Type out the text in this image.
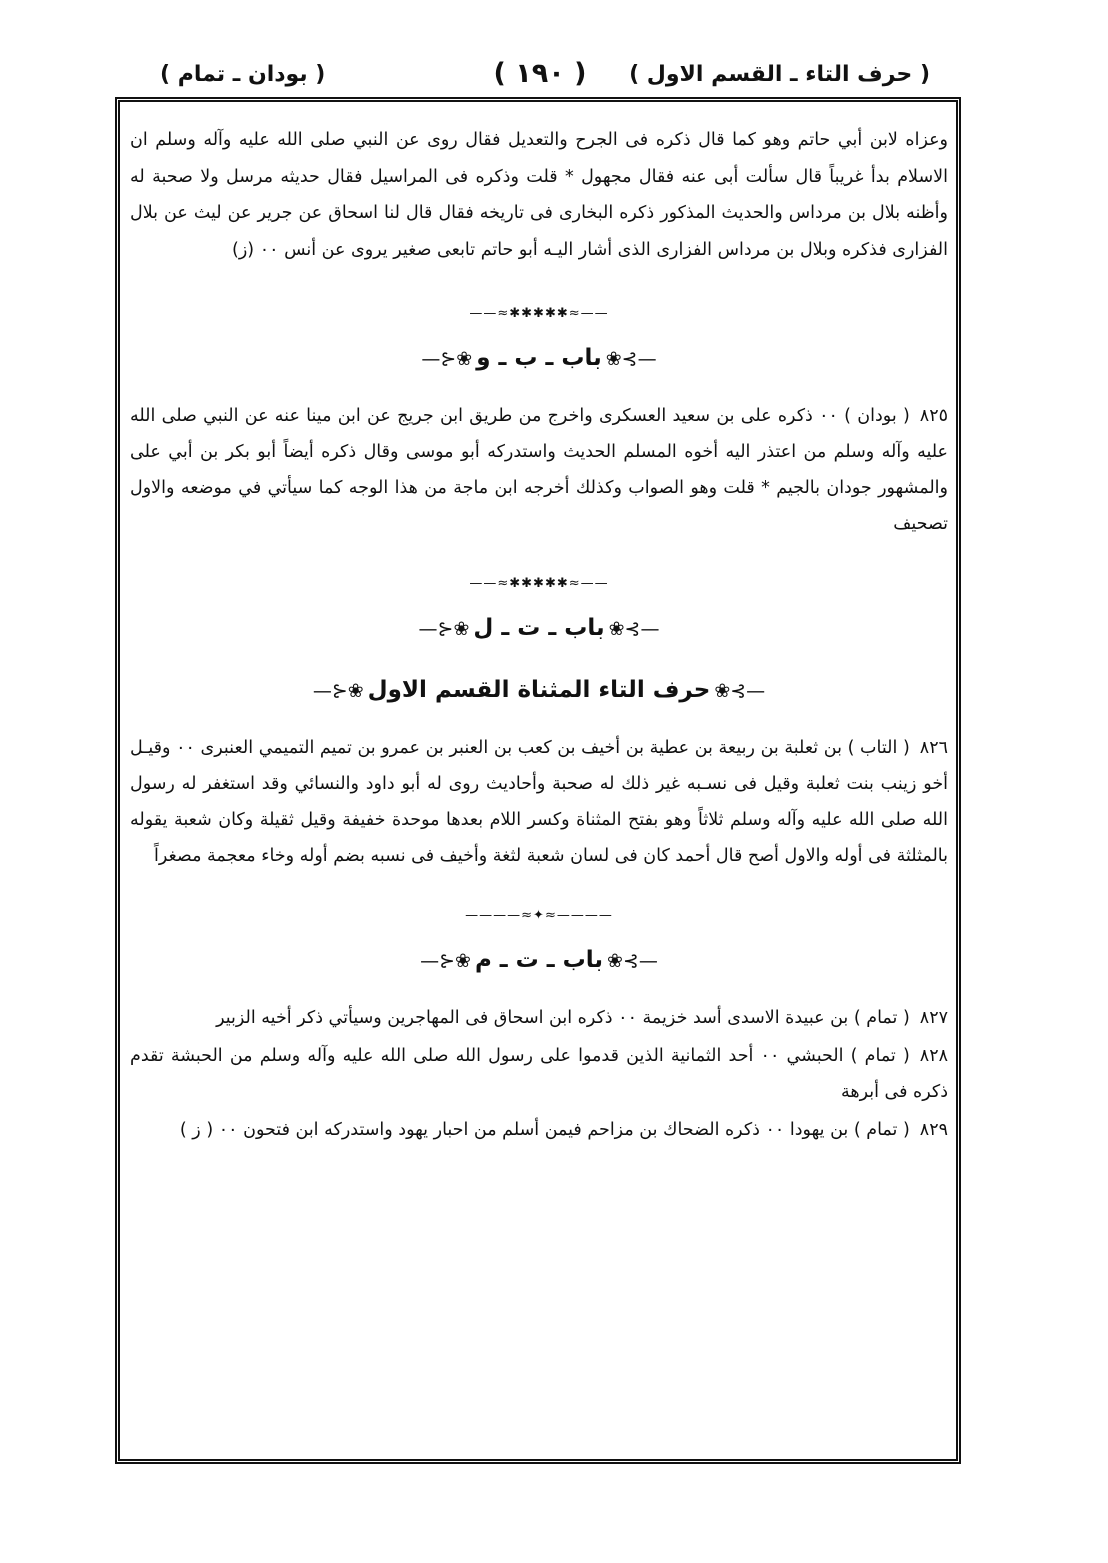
( حرف التاء ـ القسم الاول )
( ١٩٠ )
( بودان ـ تمام )

وعزاه لابن أبي حاتم وهو كما قال ذكره فى الجرح والتعديل فقال روى عن النبي صلى الله عليه وآله وسلم ان الاسلام بدأ غريباً قال سألت أبى عنه فقال مجهول * قلت وذكره فى المراسيل فقال حديثه مرسل ولا صحبة له وأظنه بلال بن مرداس والحديث المذكور ذكره البخارى فى تاريخه فقال قال لنا اسحاق عن جرير عن ليث عن بلال الفزارى فذكره وبلال بن مرداس الفزارى الذى أشار اليـه أبو حاتم تابعى صغير يروى عن أنس ٠٠ (ز)

——≈✱✱✱✱✱≈——
—⊱❀باب ـ ب ـ و❀⊰—

٨٢٥( بودان ) ٠٠ ذكره على بن سعيد العسكرى واخرج من طريق ابن جريج عن ابن مينا عنه عن النبي صلى الله عليه وآله وسلم من اعتذر اليه أخوه المسلم الحديث واستدركه أبو موسى وقال ذكره أيضاً أبو بكر بن أبي على والمشهور جودان بالجيم * قلت وهو الصواب وكذلك أخرجه ابن ماجة من هذا الوجه كما سيأتي في موضعه والاول تصحيف

——≈✱✱✱✱✱≈——
—⊱❀باب ـ ت ـ ل❀⊰—
—⊱❀حرف التاء المثناة القسم الاول❀⊰—

٨٢٦( التاب ) بن ثعلبة بن ربيعة بن عطية بن أخيف بن كعب بن العنبر بن عمرو بن تميم التميمي العنبرى ٠٠ وقيـل أخو زينب بنت ثعلبة وقيل فى نسـبه غير ذلك له صحبة وأحاديث روى له أبو داود والنسائي وقد استغفر له رسول الله صلى الله عليه وآله وسلم ثلاثاً وهو بفتح المثناة وكسر اللام بعدها موحدة خفيفة وقيل ثقيلة وكان شعبة يقوله بالمثلثة فى أوله والاول أصح قال أحمد كان فى لسان شعبة لثغة وأخيف فى نسبه بضم أوله وخاء معجمة مصغراً

————≈✦≈————
—⊱❀باب ـ ت ـ م❀⊰—

٨٢٧( تمام ) بن عبيدة الاسدى أسد خزيمة ٠٠ ذكره ابن اسحاق فى المهاجرين وسيأتي ذكر أخيه الزبير

٨٢٨( تمام ) الحبشي ٠٠ أحد الثمانية الذين قدموا على رسول الله صلى الله عليه وآله وسلم من الحبشة تقدم ذكره فى أبرهة

٨٢٩( تمام ) بن يهودا ٠٠ ذكره الضحاك بن مزاحم فيمن أسلم من احبار يهود واستدركه ابن فتحون ٠٠ ( ز )
